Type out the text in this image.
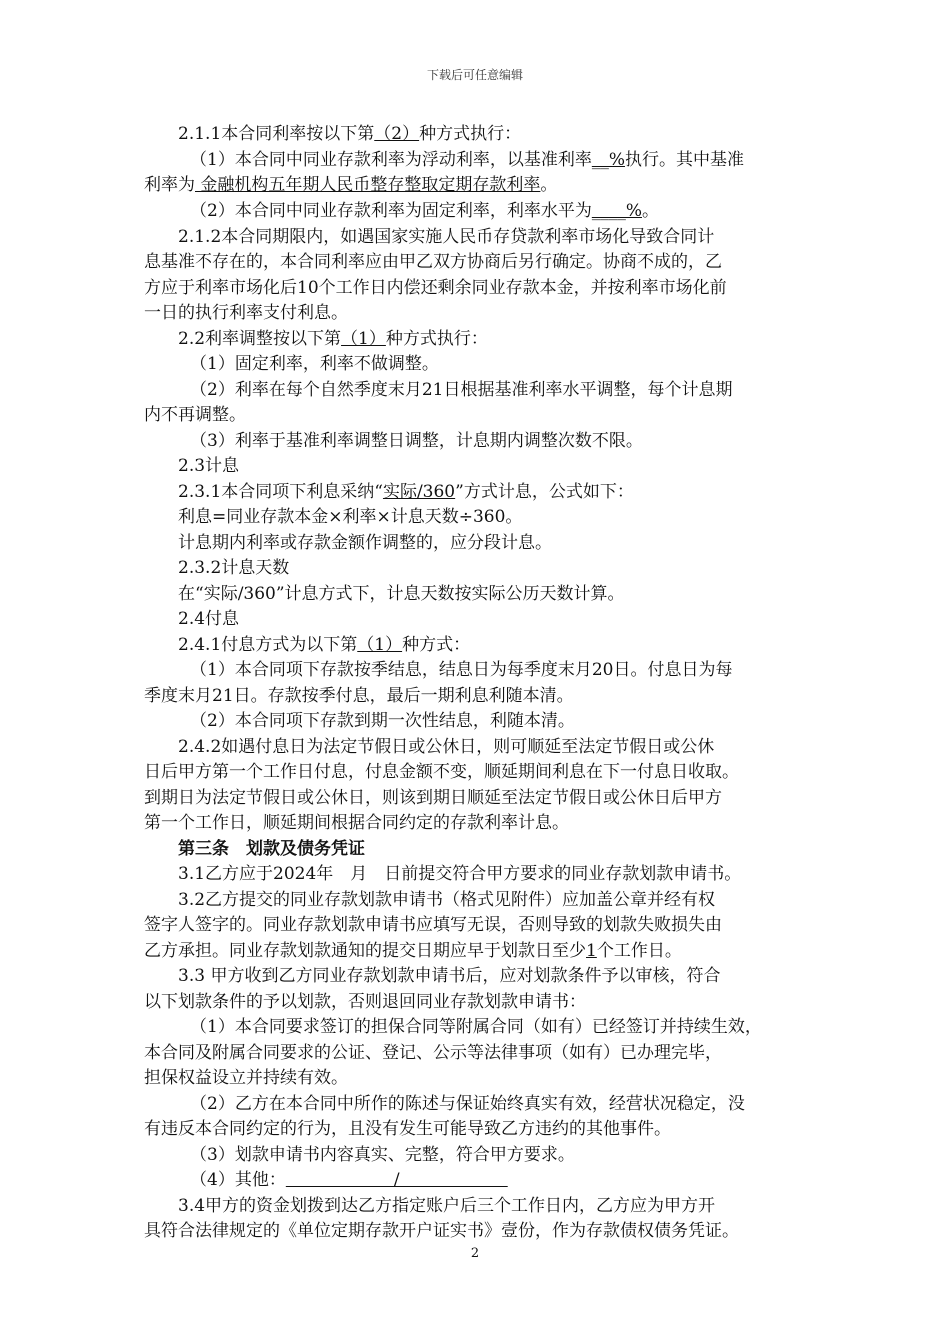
下载后可任意编辑
2.1.1本合同利率按以下第（2）种方式执行：
（1）本合同中同业存款利率为浮动利率，以基准利率__%执行。其中基准
利率为 金融机构五年期人民币整存整取定期存款利率。
（2）本合同中同业存款利率为固定利率，利率水平为____%。
2.1.2本合同期限内，如遇国家实施人民币存贷款利率市场化导致合同计
息基准不存在的，本合同利率应由甲乙双方协商后另行确定。协商不成的，乙
方应于利率市场化后10个工作日内偿还剩余同业存款本金，并按利率市场化前
一日的执行利率支付利息。
2.2利率调整按以下第（1）种方式执行：
（1）固定利率，利率不做调整。
（2）利率在每个自然季度末月21日根据基准利率水平调整，每个计息期
内不再调整。
（3）利率于基准利率调整日调整，计息期内调整次数不限。
2.3计息
2.3.1本合同项下利息采纳“实际/360”方式计息，公式如下：
利息=同业存款本金×利率×计息天数÷360。
计息期内利率或存款金额作调整的，应分段计息。
2.3.2计息天数
在“实际/360”计息方式下，计息天数按实际公历天数计算。
2.4付息
2.4.1付息方式为以下第（1）种方式：
（1）本合同项下存款按季结息，结息日为每季度末月20日。付息日为每
季度末月21日。存款按季付息，最后一期利息利随本清。
（2）本合同项下存款到期一次性结息，利随本清。
2.4.2如遇付息日为法定节假日或公休日，则可顺延至法定节假日或公休
日后甲方第一个工作日付息，付息金额不变，顺延期间利息在下一付息日收取。
到期日为法定节假日或公休日，则该到期日顺延至法定节假日或公休日后甲方
第一个工作日，顺延期间根据合同约定的存款利率计息。
第三条　划款及债务凭证
3.1乙方应于2024年　月　日前提交符合甲方要求的同业存款划款申请书。
3.2乙方提交的同业存款划款申请书（格式见附件）应加盖公章并经有权
签字人签字的。同业存款划款申请书应填写无误，否则导致的划款失败损失由
乙方承担。同业存款划款通知的提交日期应早于划款日至少1个工作日。
3.3 甲方收到乙方同业存款划款申请书后，应对划款条件予以审核，符合
以下划款条件的予以划款，否则退回同业存款划款申请书：
（1）本合同要求签订的担保合同等附属合同（如有）已经签订并持续生效，
本合同及附属合同要求的公证、登记、公示等法律事项（如有）已办理完毕，
担保权益设立并持续有效。
（2）乙方在本合同中所作的陈述与保证始终真实有效，经营状况稳定，没
有违反本合同约定的行为，且没有发生可能导致乙方违约的其他事件。
（3）划款申请书内容真实、完整，符合甲方要求。
（4）其他：                    /
3.4甲方的资金划拨到达乙方指定账户后三个工作日内，乙方应为甲方开
具符合法律规定的《单位定期存款开户证实书》壹份，作为存款债权债务凭证。
2
